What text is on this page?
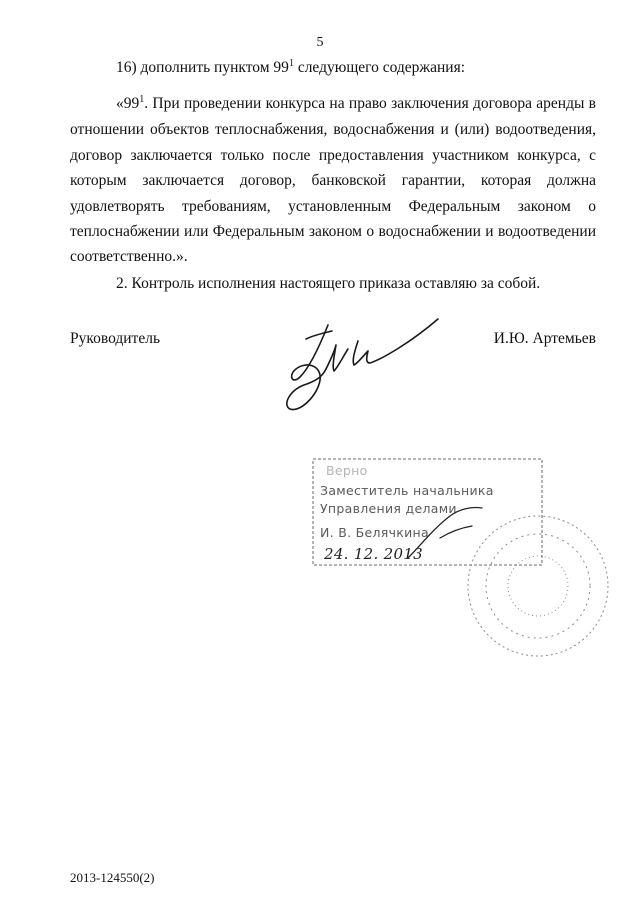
5
16) дополнить пунктом $99^1$ следующего содержания:
«$99^1$. При проведении конкурса на право заключения договора аренды в
отношении объектов теплоснабжения, водоснабжения и (или) водоотведения,
договор заключается только после предоставления участником конкурса, с
которым заключается договор, банковской гарантии, которая должна
удовлетворять требованиям, установленным Федеральным законом о
теплоснабжении или Федеральным законом о водоснабжении и водоотведении
соответственно.».
2. Контроль исполнения настоящего приказа оставляю за собой.
Руководитель	И.Ю. Артемьев
Верно
Заместитель начальника
Управления делами
И. В. Белячкина
24. 12. 2013
2013-124550(2)
